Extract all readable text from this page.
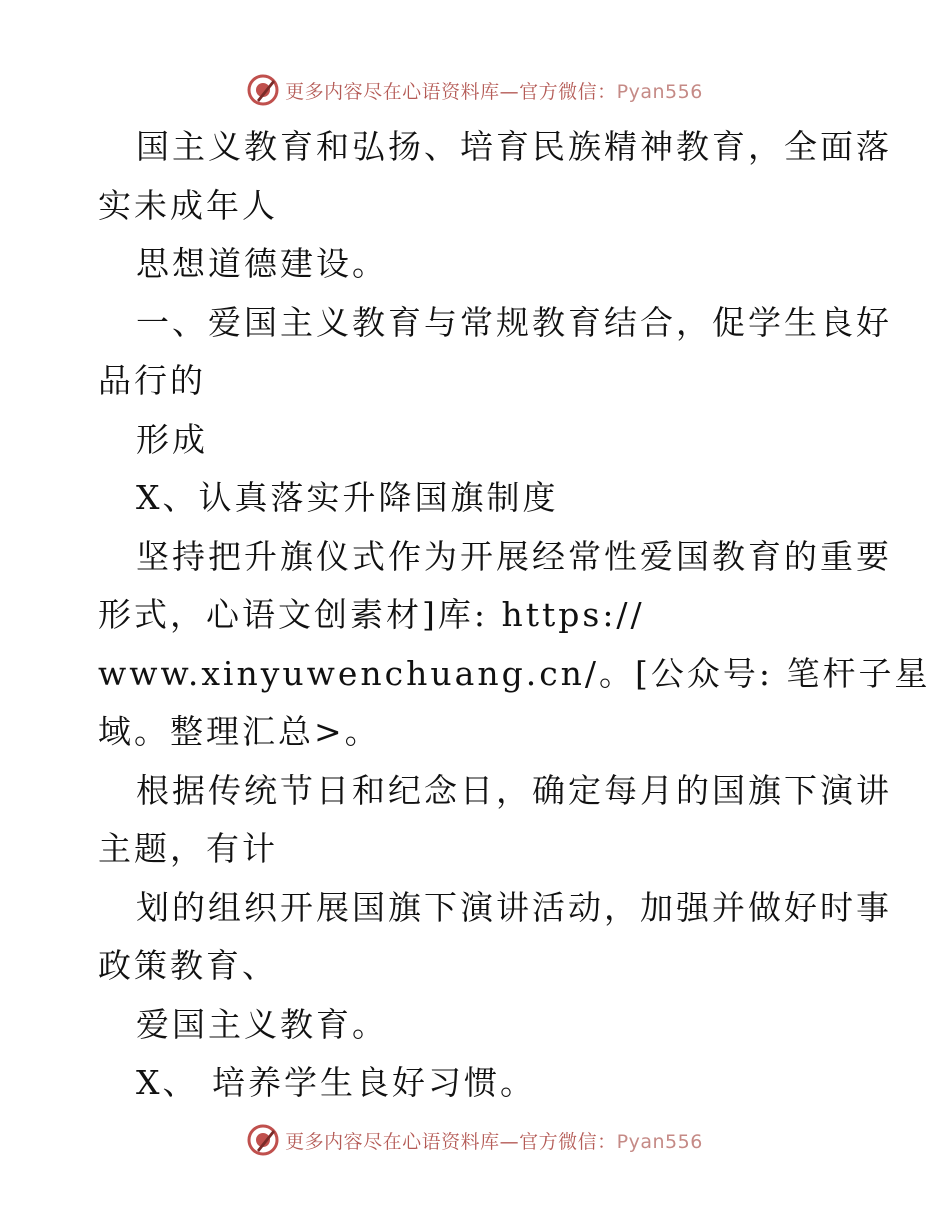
更多内容尽在心语资料库—官方微信：Pyan556
国主义教育和弘扬、培育民族精神教育，全面落
实未成年人
思想道德建设。
一、爱国主义教育与常规教育结合，促学生良好
品行的
形成
X、认真落实升降国旗制度
坚持把升旗仪式作为开展经常性爱国教育的重要
形式，心语文创素材]库: https://
www.xinyuwenchuang.cn/。[公众号: 笔杆子星
域。整理汇总>。
根据传统节日和纪念日，确定每月的国旗下演讲
主题，有计
划的组织开展国旗下演讲活动，加强并做好时事
政策教育、
爱国主义教育。
X、 培养学生良好习惯。
更多内容尽在心语资料库—官方微信：Pyan556
